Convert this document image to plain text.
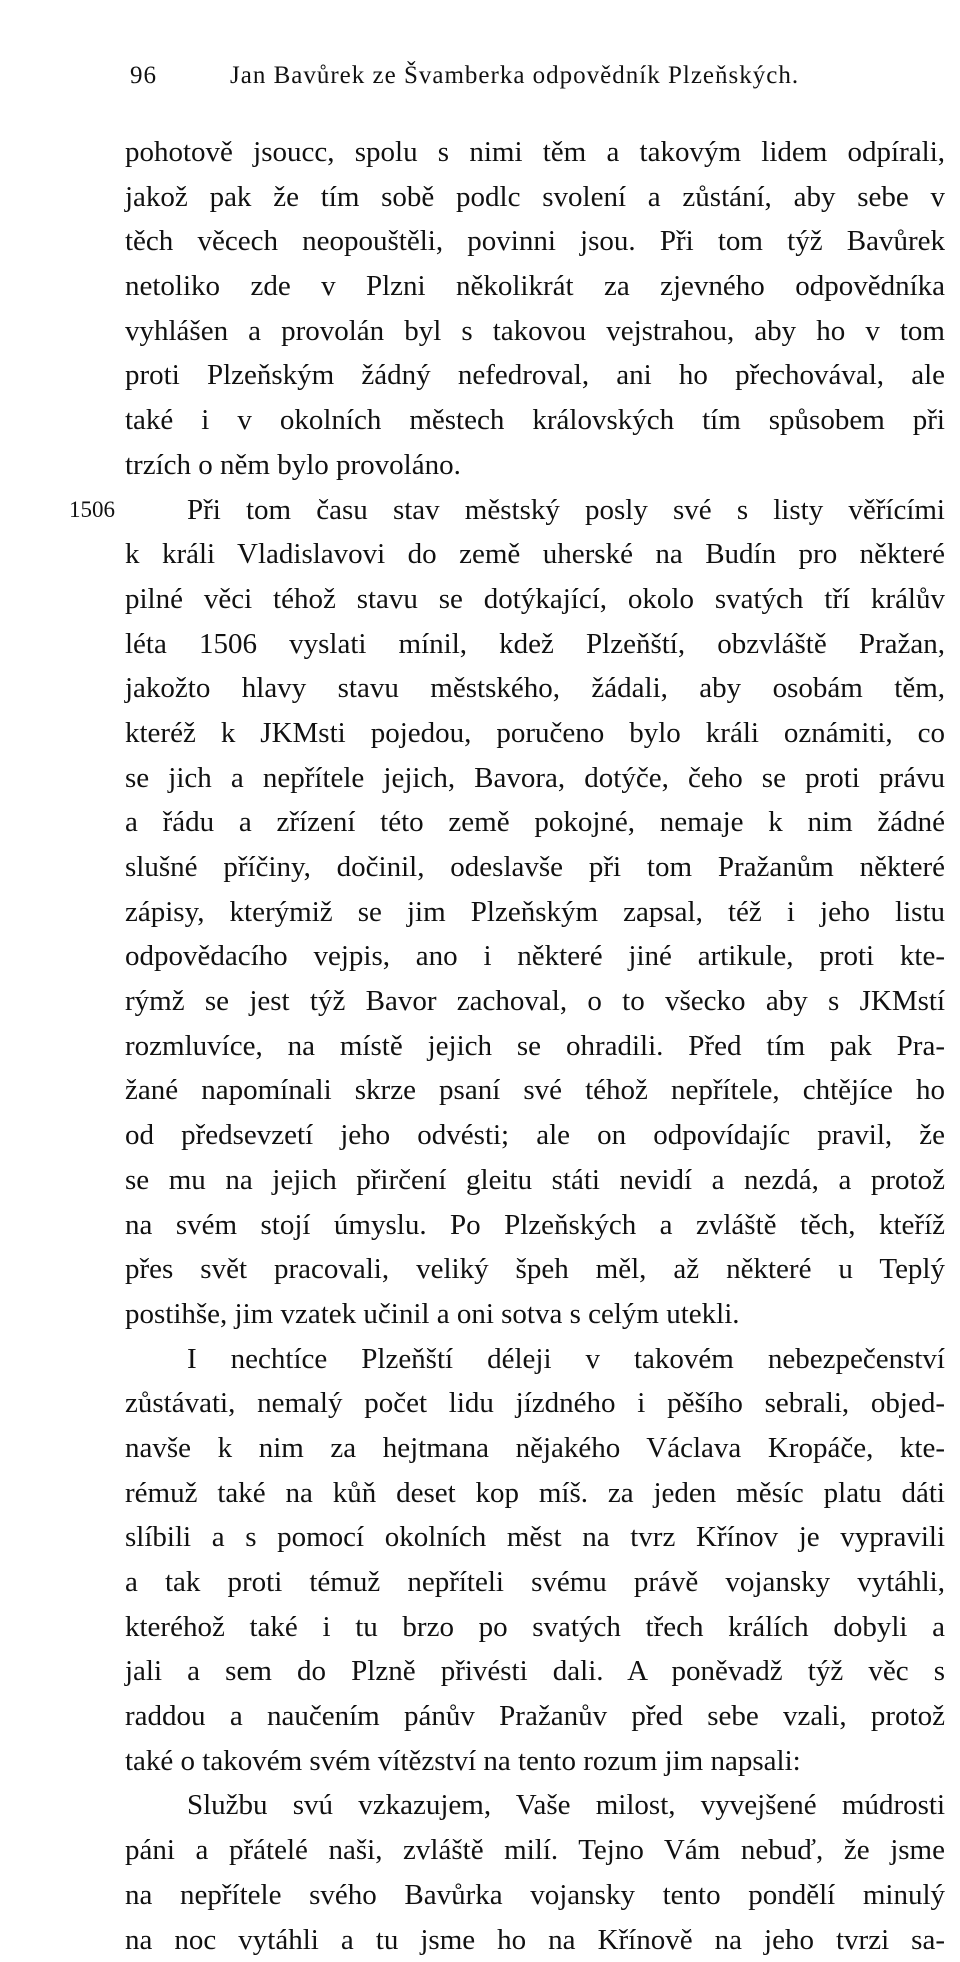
96	Jan Bavůrek ze Švamberka odpovědník Plzeňských.
pohotově jsoucc, spolu s nimi těm a takovým lidem odpírali,
jakož pak že tím sobě podlc svolení a zůstání, aby sebe v
těch věcech neopouštěli, povinni jsou. Při tom týž Bavůrek
netoliko zde v Plzni několikrát za zjevného odpovědníka
vyhlášen a provolán byl s takovou vejstrahou, aby ho v tom
proti Plzeňským žádný nefedroval, ani ho přechovával, ale
také i v okolních městech královských tím spůsobem při
trzích o něm bylo provoláno.
1506 Při tom času stav městský posly své s listy věřícími
k králi Vladislavovi do země uherské na Budín pro některé
pilné věci téhož stavu se dotýkající, okolo svatých tří králův
léta 1506 vyslati mínil, kdež Plzeňští, obzvláště Pražan,
jakožto hlavy stavu městského, žádali, aby osobám těm,
kteréž k JKMsti pojedou, poručeno bylo králi oznámiti, co
se jich a nepřítele jejich, Bavora, dotýče, čeho se proti právu
a řádu a zřízení této země pokojné, nemaje k nim žádné
slušné příčiny, dočinil, odeslavše při tom Pražanům některé
zápisy, kterýmiž se jim Plzeňským zapsal, též i jeho listu
odpovědacího vejpis, ano i některé jiné artikule, proti kte-
rýmž se jest týž Bavor zachoval, o to všecko aby s JKMstí
rozmluvíce, na místě jejich se ohradili. Před tím pak Pra-
žané napomínali skrze psaní své téhož nepřítele, chtějíce ho
od předsevzetí jeho odvésti; ale on odpovídajíc pravil, že
se mu na jejich přirčení gleitu státi nevidí a nezdá, a protož
na svém stojí úmyslu. Po Plzeňských a zvláště těch, kteříž
přes svět pracovali, veliký špeh měl, až některé u Teplý
postihše, jim vzatek učinil a oni sotva s celým utekli.
I nechtíce Plzeňští déleji v takovém nebezpečenství
zůstávati, nemalý počet lidu jízdného i pěšího sebrali, objed-
navše k nim za hejtmana nějakého Václava Kropáče, kte-
rémuž také na kůň deset kop míš. za jeden měsíc platu dáti
slíbili a s pomocí okolních měst na tvrz Křínov je vypravili
a tak proti témuž nepříteli svému právě vojansky vytáhli,
kteréhož také i tu brzo po svatých třech králích dobyli a
jali a sem do Plzně přivésti dali. A poněvadž týž věc s
raddou a naučením pánův Pražanův před sebe vzali, protož
také o takovém svém vítězství na tento rozum jim napsali:
Službu svú vzkazujem, Vaše milost, vyvejšené múdrosti
páni a přátelé naši, zvláště milí. Tejno Vám nebuď, že jsme
na nepřítele svého Bavůrka vojansky tento pondělí minulý
na noc vytáhli a tu jsme ho na Křínově na jeho tvrzi sa-
